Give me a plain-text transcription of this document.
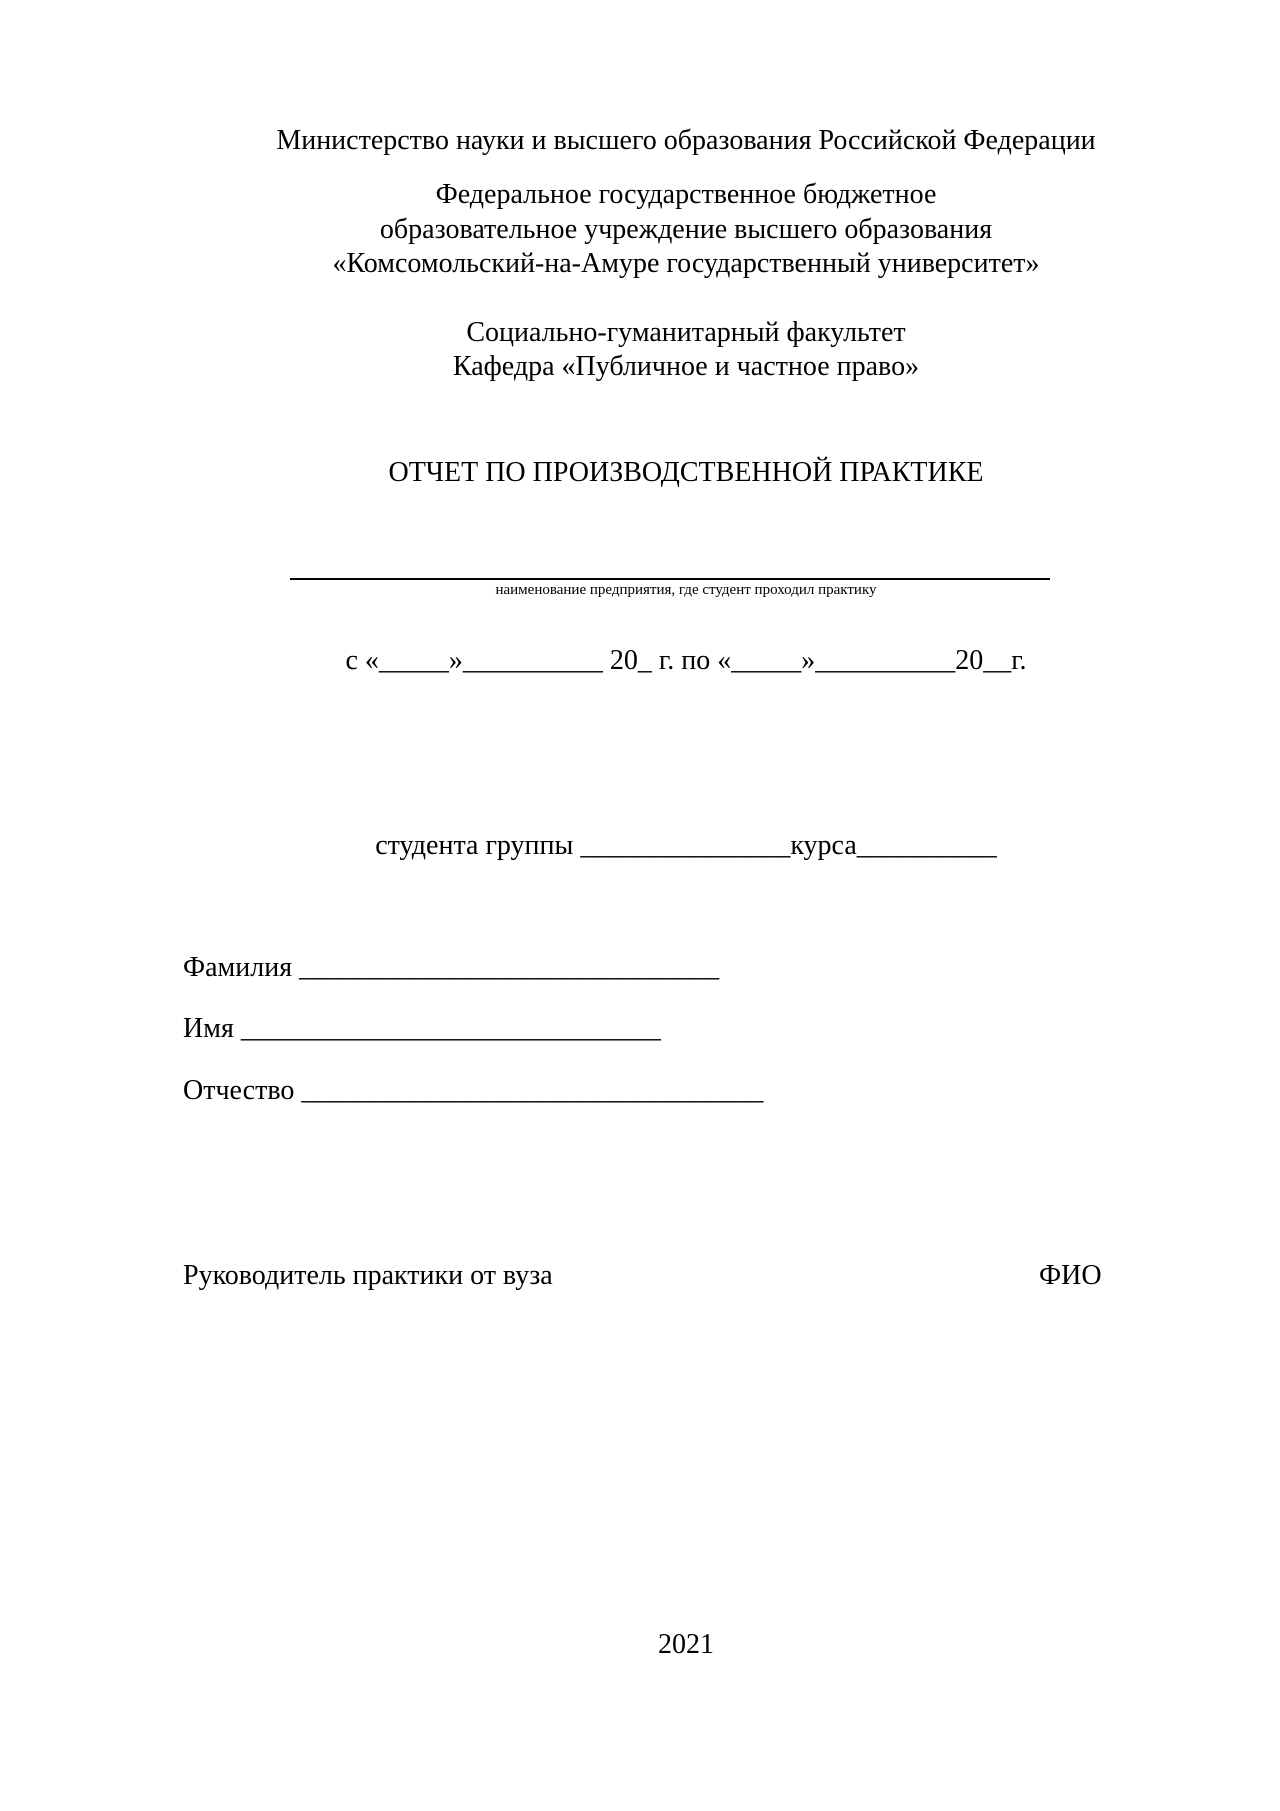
Министерство науки и высшего образования Российской Федерации
Федеральное государственное бюджетное
образовательное учреждение высшего образования
«Комсомольский-на-Амуре государственный университет»
Социально-гуманитарный факультет
Кафедра «Публичное и частное право»
ОТЧЕТ ПО ПРОИЗВОДСТВЕННОЙ ПРАКТИКЕ
наименование предприятия, где студент проходил практику
с «_____»__________ 20_ г. по «_____»__________20__г.
студента группы _______________курса__________
Фамилия ______________________________
Имя ______________________________
Отчество _________________________________
Руководитель практики от вуза	ФИО
2021
